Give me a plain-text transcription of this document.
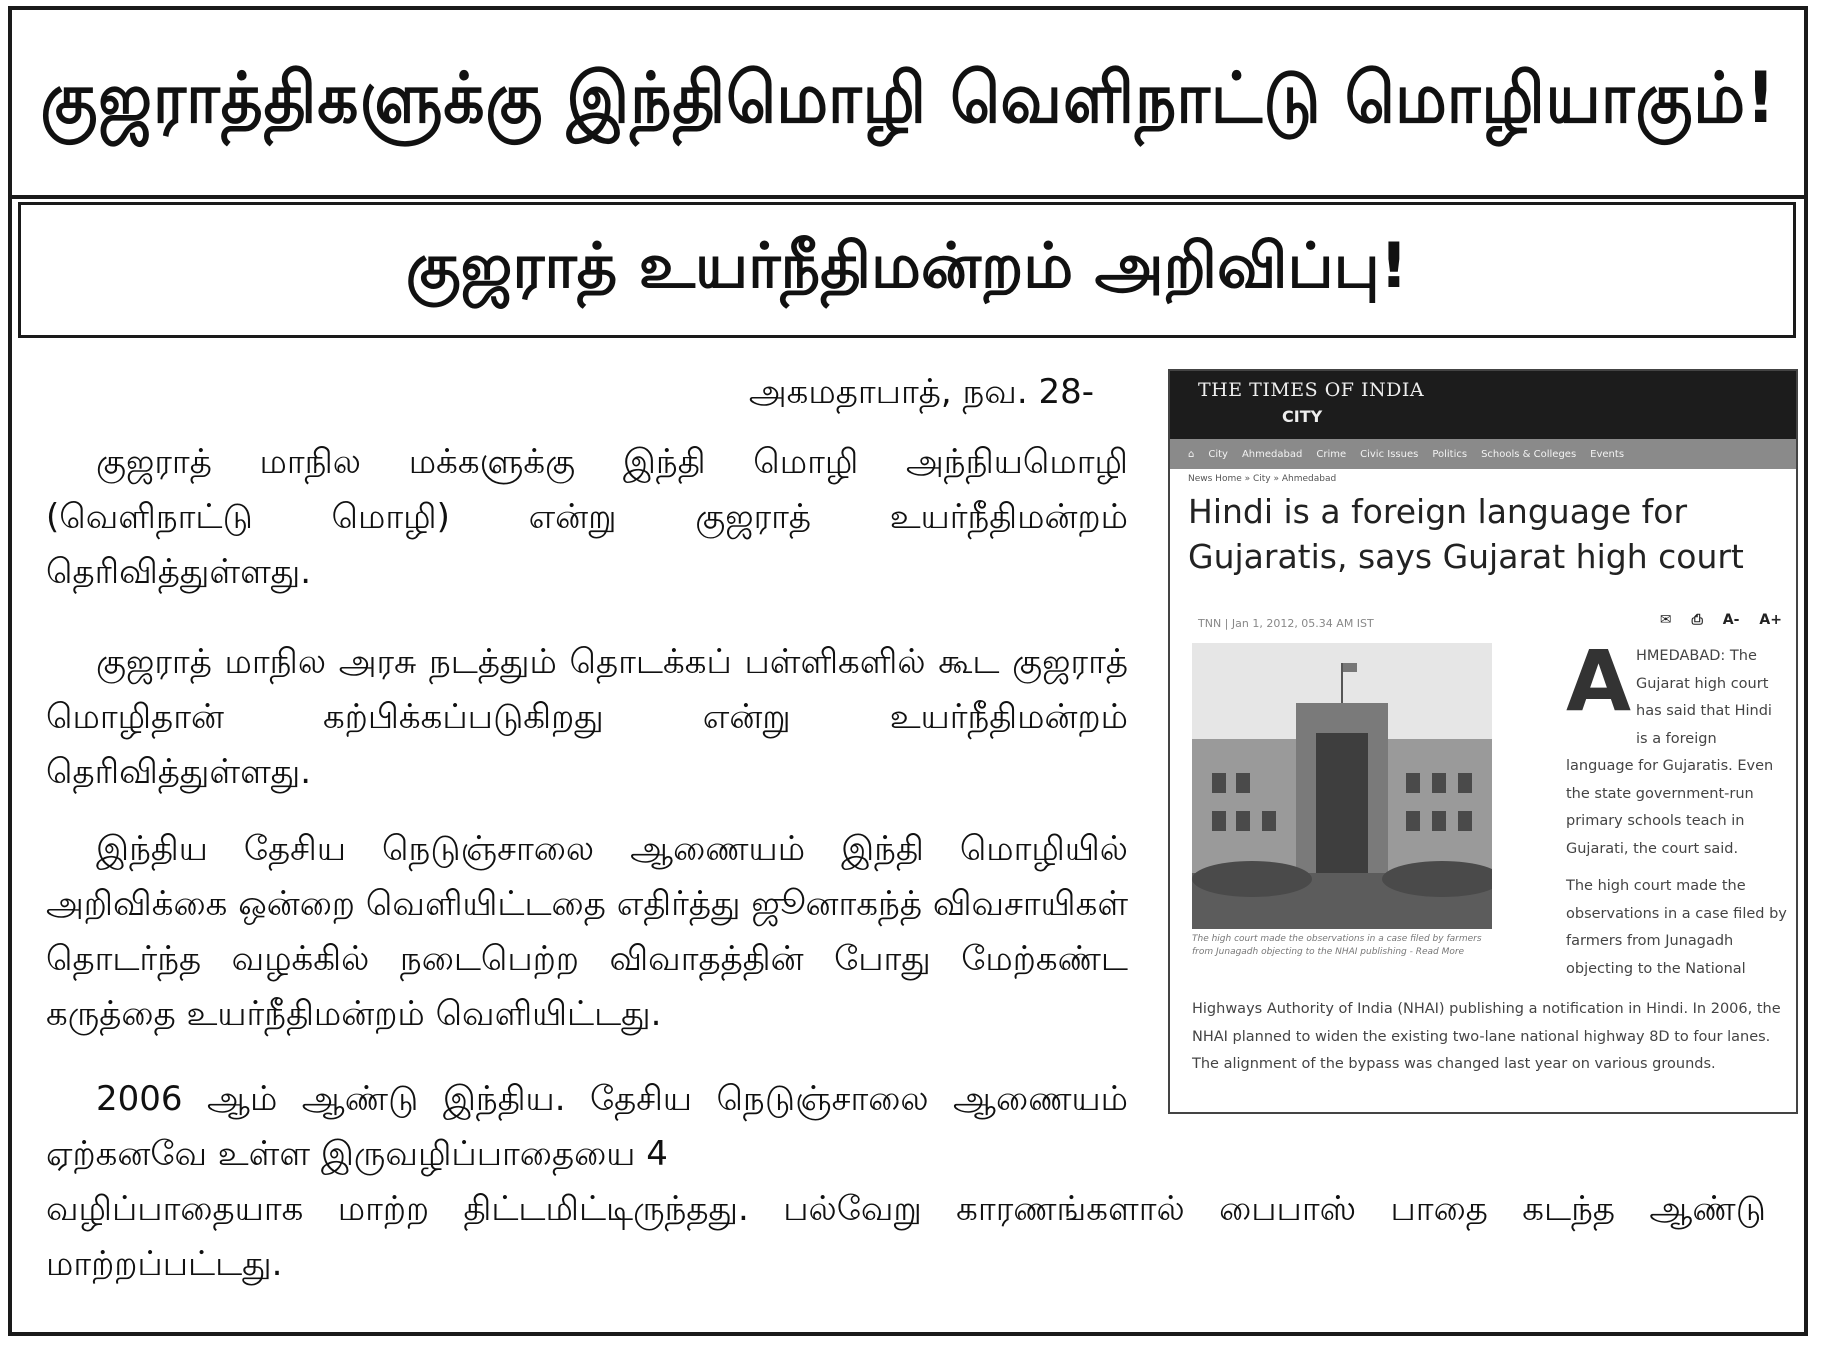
குஜராத்திகளுக்கு இந்திமொழி வெளிநாட்டு மொழியாகும்!
குஜராத் உயர்நீதிமன்றம் அறிவிப்பு!
அகமதாபாத், நவ. 28-
குஜராத் மாநில மக்களுக்கு இந்தி மொழி அந்நியமொழி (வெளிநாட்டு மொழி) என்று குஜராத் உயர்நீதிமன்றம் தெரிவித்துள்ளது.
குஜராத் மாநில அரசு நடத்தும் தொடக்கப் பள்ளிகளில் கூட குஜராத் மொழிதான் கற்பிக்கப்படுகிறது என்று உயர்நீதிமன்றம் தெரிவித்துள்ளது.
இந்திய தேசிய நெடுஞ்சாலை ஆணையம் இந்தி மொழியில் அறிவிக்கை ஒன்றை வெளியிட்டதை எதிர்த்து ஜூனாகந்த் விவசாயிகள் தொடர்ந்த வழக்கில் நடைபெற்ற விவாதத்தின் போது மேற்கண்ட கருத்தை உயர்நீதிமன்றம் வெளியிட்டது.
2006 ஆம் ஆண்டு இந்திய. தேசிய நெடுஞ்சாலை ஆணையம் ஏற்கனவே உள்ள இருவழிப்பாதையை 4
வழிப்பாதையாக மாற்ற திட்டமிட்டிருந்தது. பல்வேறு காரணங்களால் பைபாஸ் பாதை கடந்த ஆண்டு மாற்றப்பட்டது.
THE TIMES OF INDIA
CITY
⌂ City Ahmedabad Crime Civic Issues Politics Schools & Colleges Events
News Home » City » Ahmedabad
Hindi is a foreign language for Gujaratis, says Gujarat high court
TNN | Jan 1, 2012, 05.34 AM IST	✉ ⎙ A- A+
The high court made the observations in a case filed by farmers from Junagadh objecting to the NHAI publishing - Read More
A HMEDABAD: The
Gujarat high court
has said that Hindi
is a foreign

language for Gujaratis. Even the state government-run primary schools teach in Gujarati, the court said.

The high court made the observations in a case filed by farmers from Junagadh objecting to the National

Highways Authority of India (NHAI) publishing a notification in Hindi. In 2006, the NHAI planned to widen the existing two-lane national highway 8D to four lanes. The alignment of the bypass was changed last year on various grounds.
